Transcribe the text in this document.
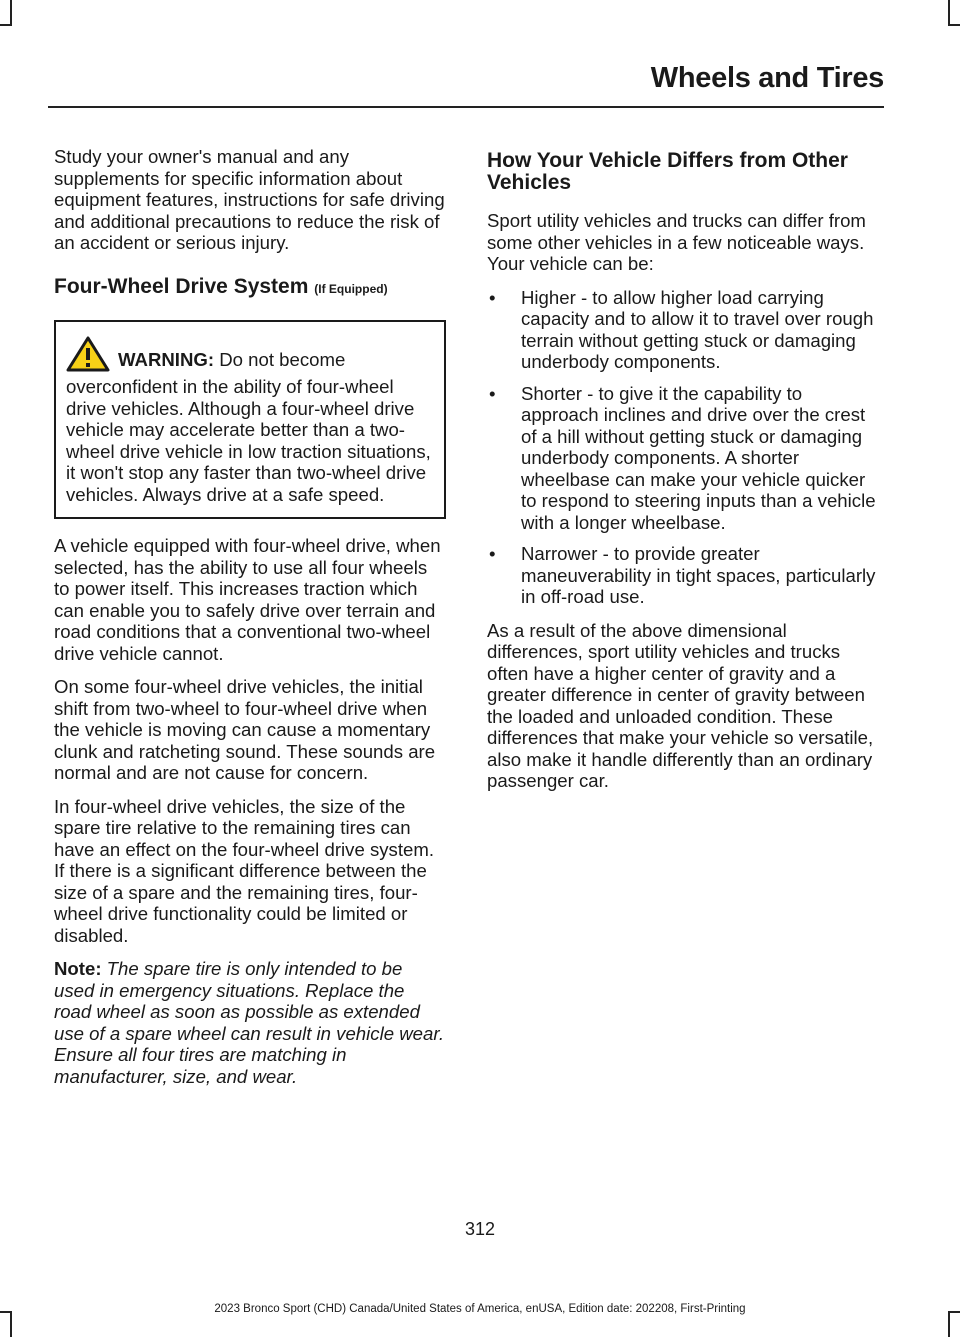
Wheels and Tires

Study your owner's manual and any supplements for specific information about equipment features, instructions for safe driving and additional precautions to reduce the risk of an accident or serious injury.

Four-Wheel Drive System (If Equipped)

WARNING: Do not become overconfident in the ability of four-wheel drive vehicles. Although a four-wheel drive vehicle may accelerate better than a two-wheel drive vehicle in low traction situations, it won't stop any faster than two-wheel drive vehicles. Always drive at a safe speed.

A vehicle equipped with four-wheel drive, when selected, has the ability to use all four wheels to power itself. This increases traction which can enable you to safely drive over terrain and road conditions that a conventional two-wheel drive vehicle cannot.

On some four-wheel drive vehicles, the initial shift from two-wheel to four-wheel drive when the vehicle is moving can cause a momentary clunk and ratcheting sound. These sounds are normal and are not cause for concern.

In four-wheel drive vehicles, the size of the spare tire relative to the remaining tires can have an effect on the four-wheel drive system. If there is a significant difference between the size of a spare and the remaining tires, four-wheel drive functionality could be limited or disabled.

Note: The spare tire is only intended to be used in emergency situations. Replace the road wheel as soon as possible as extended use of a spare wheel can result in vehicle wear. Ensure all four tires are matching in manufacturer, size, and wear.

How Your Vehicle Differs from Other Vehicles

Sport utility vehicles and trucks can differ from some other vehicles in a few noticeable ways. Your vehicle can be:

• Higher - to allow higher load carrying capacity and to allow it to travel over rough terrain without getting stuck or damaging underbody components.
• Shorter - to give it the capability to approach inclines and drive over the crest of a hill without getting stuck or damaging underbody components. A shorter wheelbase can make your vehicle quicker to respond to steering inputs than a vehicle with a longer wheelbase.
• Narrower - to provide greater maneuverability in tight spaces, particularly in off-road use.

As a result of the above dimensional differences, sport utility vehicles and trucks often have a higher center of gravity and a greater difference in center of gravity between the loaded and unloaded condition. These differences that make your vehicle so versatile, also make it handle differently than an ordinary passenger car.

312
2023 Bronco Sport (CHD) Canada/United States of America, enUSA, Edition date: 202208, First-Printing
